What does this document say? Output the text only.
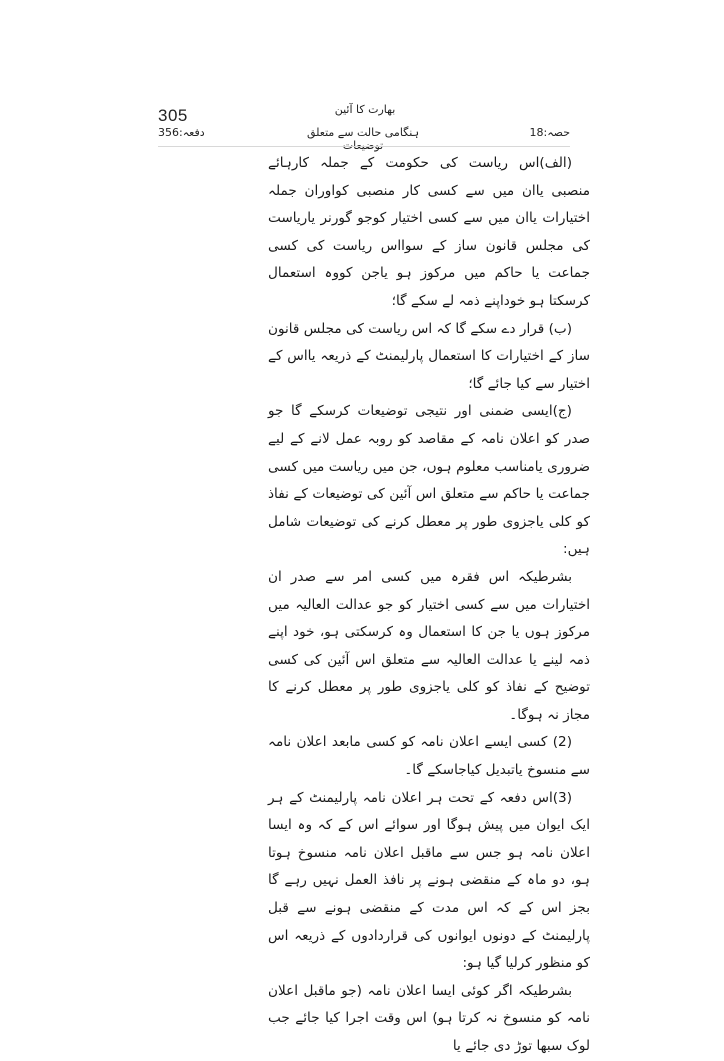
305	بھارت کا آئین
دفعہ:356	ہنگامی حالت سے متعلق توضیعات
حصہ:18

(الف)اس ریاست کی حکومت کے جملہ کارہائے منصبی یاان میں سے کسی کار منصبی کواوران جملہ اختیارات یاان میں سے کسی اختیار کوجو گورنر یاریاست کی مجلس قانون ساز کے سوااس ریاست کی کسی جماعت یا حاکم میں مرکوز ہو یاجن کووہ استعمال کرسکتا ہو خوداپنے ذمہ لے سکے گا؛

(ب) قرار دے سکے گا کہ اس ریاست کی مجلس قانون ساز کے اختیارات کا استعمال پارلیمنٹ کے ذریعہ یااس کے اختیار سے کیا جائے گا؛

(ج)ایسی ضمنی اور نتیجی توضیعات کرسکے گا جو صدر کو اعلان نامہ کے مقاصد کو روبہ عمل لانے کے لیے ضروری یامناسب معلوم ہوں، جن میں ریاست میں کسی جماعت یا حاکم سے متعلق اس آئین کی توضیعات کے نفاذ کو کلی یاجزوی طور پر معطل کرنے کی توضیعات شامل ہیں:

بشرطیکہ اس فقرہ میں کسی امر سے صدر ان اختیارات میں سے کسی اختیار کو جو عدالت العالیہ میں مرکوز ہوں یا جن کا استعمال وہ کرسکتی ہو، خود اپنے ذمہ لینے یا عدالت العالیہ سے متعلق اس آئین کی کسی توضیح کے نفاذ کو کلی یاجزوی طور پر معطل کرنے کا مجاز نہ ہوگا۔

(2) کسی ایسے اعلان نامہ کو کسی مابعد اعلان نامہ سے منسوخ یاتبدیل کیاجاسکے گا۔

(3)اس دفعہ کے تحت ہر اعلان نامہ پارلیمنٹ کے ہر ایک ایوان میں پیش ہوگا اور سوائے اس کے کہ وہ ایسا اعلان نامہ ہو جس سے ماقبل اعلان نامہ منسوخ ہوتا ہو، دو ماہ کے منقضی ہونے پر نافذ العمل نہیں رہے گا بجز اس کے کہ اس مدت کے منقضی ہونے سے قبل پارلیمنٹ کے دونوں ایوانوں کی قراردادوں کے ذریعہ اس کو منظور کرلیا گیا ہو:

بشرطیکہ اگر کوئی ایسا اعلان نامہ (جو ماقبل اعلان نامہ کو منسوخ نہ کرتا ہو) اس وقت اجرا کیا جائے جب لوک سبھا توڑ دی جائے یا
